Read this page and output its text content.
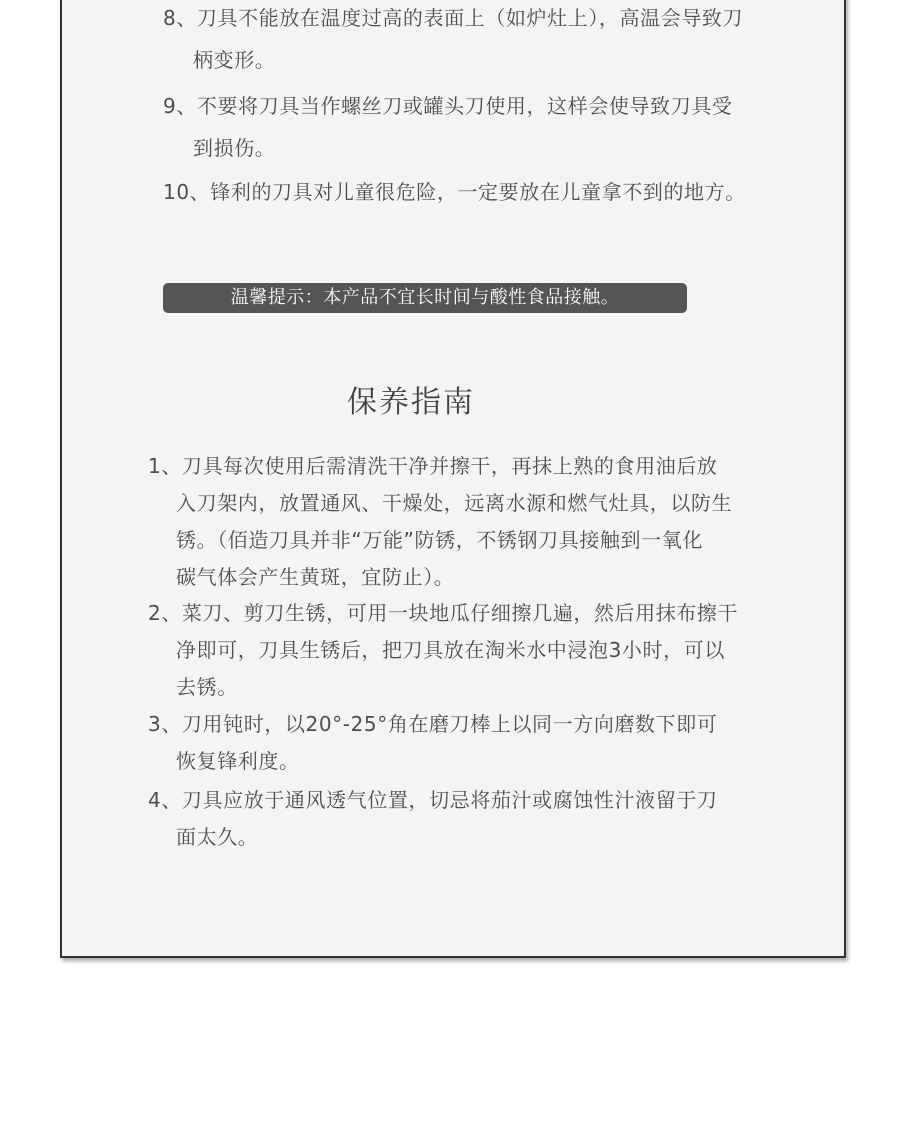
8、刀具不能放在温度过高的表面上（如炉灶上），高温会导致刀
柄变形。
9、不要将刀具当作螺丝刀或罐头刀使用，这样会使导致刀具受
到损伤。
10、锋利的刀具对儿童很危险，一定要放在儿童拿不到的地方。
温馨提示：本产品不宜长时间与酸性食品接触。
保养指南
1、刀具每次使用后需清洗干净并擦干，再抹上熟的食用油后放
入刀架内，放置通风、干燥处，远离水源和燃气灶具，以防生
锈。（佰造刀具并非“万能”防锈，不锈钢刀具接触到一氧化
碳气体会产生黄斑，宜防止）。
2、菜刀、剪刀生锈，可用一块地瓜仔细擦几遍，然后用抹布擦干
净即可，刀具生锈后，把刀具放在淘米水中浸泡3小时，可以
去锈。
3、刀用钝时，以20°-25°角在磨刀棒上以同一方向磨数下即可
恢复锋利度。
4、刀具应放于通风透气位置，切忌将茄汁或腐蚀性汁液留于刀
面太久。
